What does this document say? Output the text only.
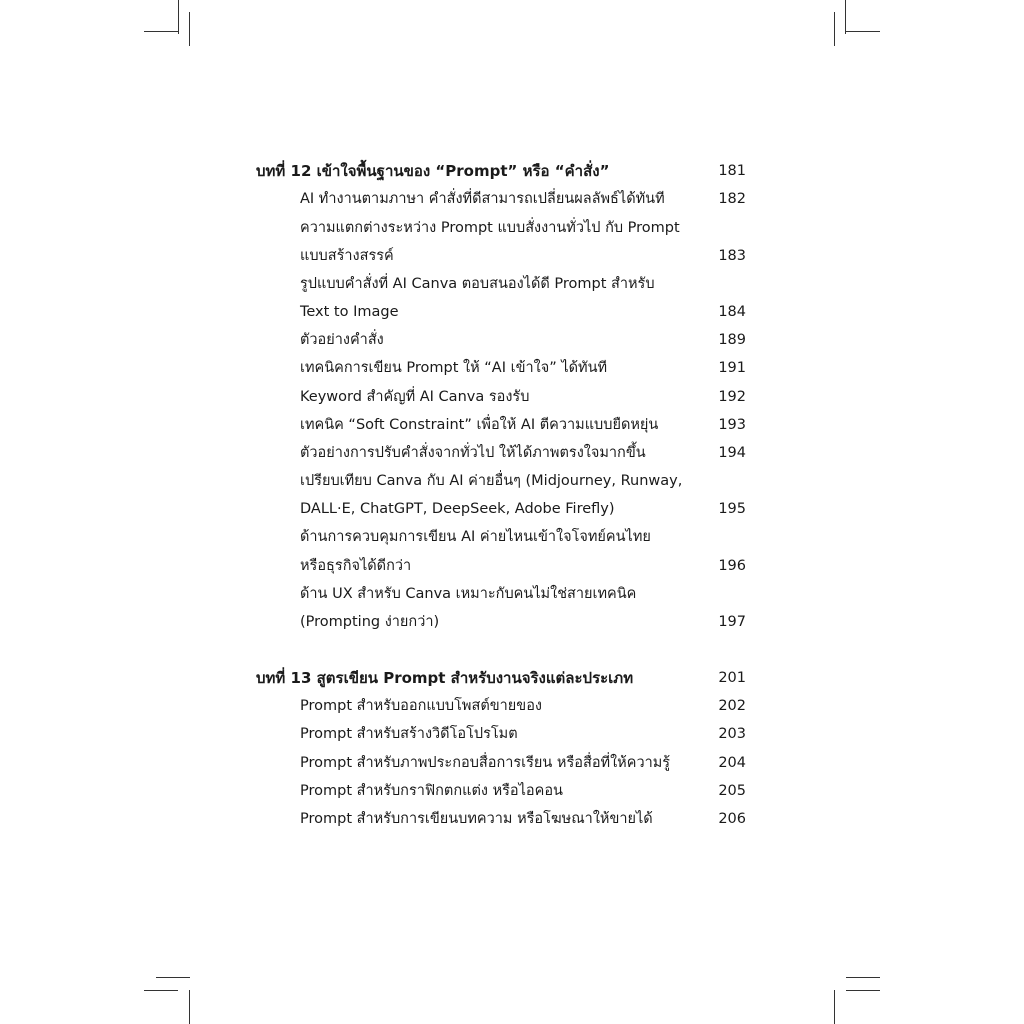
บทที่ 12 เข้าใจพื้นฐานของ “Prompt” หรือ “คำสั่ง”	181
AI ทำงานตามภาษา คำสั่งที่ดีสามารถเปลี่ยนผลลัพธ์ได้ทันที	182
ความแตกต่างระหว่าง Prompt แบบสั่งงานทั่วไป กับ Prompt
แบบสร้างสรรค์	183
รูปแบบคำสั่งที่ AI Canva ตอบสนองได้ดี Prompt สำหรับ
Text to Image	184
ตัวอย่างคำสั่ง	189
เทคนิคการเขียน Prompt ให้ “AI เข้าใจ” ได้ทันที	191
Keyword สำคัญที่ AI Canva รองรับ	192
เทคนิค “Soft Constraint” เพื่อให้ AI ตีความแบบยืดหยุ่น	193
ตัวอย่างการปรับคำสั่งจากทั่วไป ให้ได้ภาพตรงใจมากขึ้น	194
เปรียบเทียบ Canva กับ AI ค่ายอื่นๆ (Midjourney, Runway,
DALL·E, ChatGPT, DeepSeek, Adobe Firefly)	195
ด้านการควบคุมการเขียน AI ค่ายไหนเข้าใจโจทย์คนไทย
หรือธุรกิจได้ดีกว่า	196
ด้าน UX สำหรับ Canva เหมาะกับคนไม่ใช่สายเทคนิค
(Prompting ง่ายกว่า)	197
บทที่ 13 สูตรเขียน Prompt สำหรับงานจริงแต่ละประเภท	201
Prompt สำหรับออกแบบโพสต์ขายของ	202
Prompt สำหรับสร้างวิดีโอโปรโมต	203
Prompt สำหรับภาพประกอบสื่อการเรียน หรือสื่อที่ให้ความรู้	204
Prompt สำหรับกราฟิกตกแต่ง หรือไอคอน	205
Prompt สำหรับการเขียนบทความ หรือโฆษณาให้ขายได้	206
